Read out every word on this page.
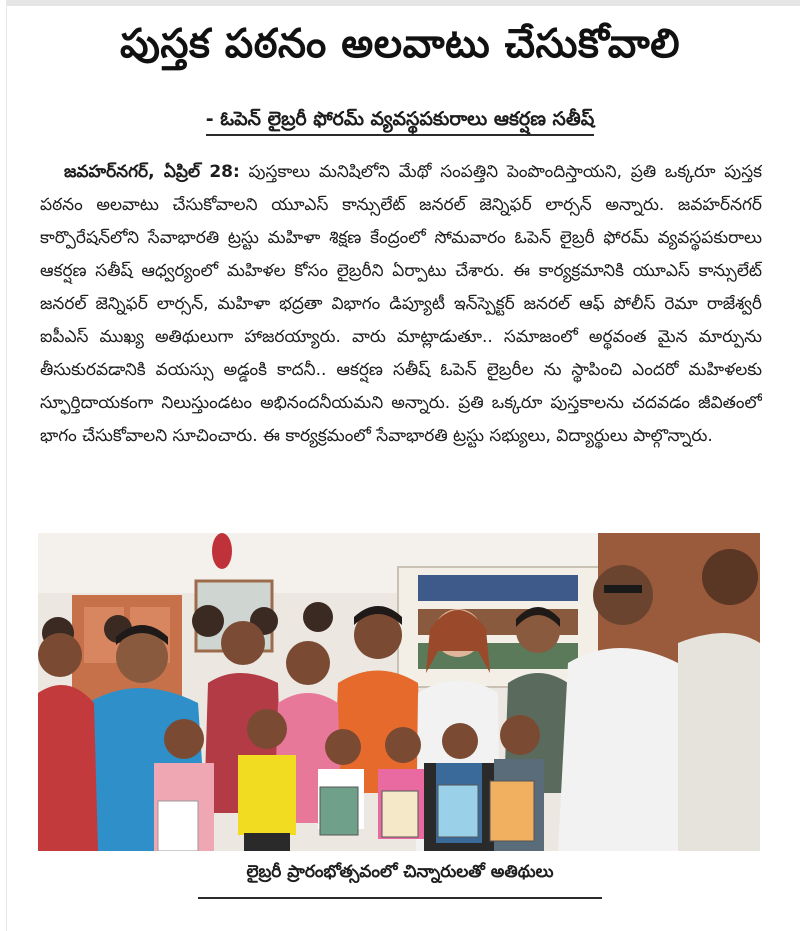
పుస్తక పఠనం అలవాటు చేసుకోవాలి
- ఓపెన్ లైబ్రరీ ఫోరమ్ వ్యవస్థపకురాలు ఆకర్షణ సతీష్

జవహర్‌నగర్, ఏప్రిల్ 28: పుస్తకాలు మనిషిలోని మేథో సంపత్తిని పెంపొందిస్తాయని, ప్రతి ఒక్కరూ పుస్తక పఠనం అలవాటు చేసుకోవాలని యూఎస్ కాన్సులేట్ జనరల్ జెన్నిఫర్ లార్సన్ అన్నారు. జవహర్‌నగర్ కార్పొరేషన్‌లోని సేవాభారతి ట్రస్టు మహిళా శిక్షణ కేంద్రంలో సోమవారం ఓపెన్ లైబ్రరీ ఫోరమ్ వ్యవస్థపకురాలు ఆకర్షణ సతీష్ ఆధ్వర్యంలో మహిళల కోసం లైబ్రరీని ఏర్పాటు చేశారు. ఈ కార్యక్రమానికి యూఎస్ కాన్సులేట్ జనరల్ జెన్నిఫర్ లార్సన్, మహిళా భద్రతా విభాగం డిప్యూటీ ఇన్‌స్పెక్టర్ జనరల్ ఆఫ్ పోలీస్ రెమా రాజేశ్వరీ ఐపీఎస్ ముఖ్య అతిథులుగా హాజరయ్యారు. వారు మాట్లాడుతూ.. సమాజంలో అర్థవంత మైన మార్పును తీసుకురవడానికి వయస్సు అడ్డంకి కాదనీ.. ఆకర్షణ సతీష్ ఓపెన్ లైబ్రరీల ను స్థాపించి ఎందరో మహిళలకు స్ఫూర్తిదాయకంగా నిలుస్తుండటం అభినందనీయమని అన్నారు. ప్రతి ఒక్కరూ పుస్తకాలను చదవడం జీవితంలో భాగం చేసుకోవాలని సూచించారు. ఈ కార్యక్రమంలో సేవాభారతి ట్రస్టు సభ్యులు, విద్యార్థులు పాల్గొన్నారు.

లైబ్రరీ ప్రారంభోత్సవంలో చిన్నారులతో అతిథులు
